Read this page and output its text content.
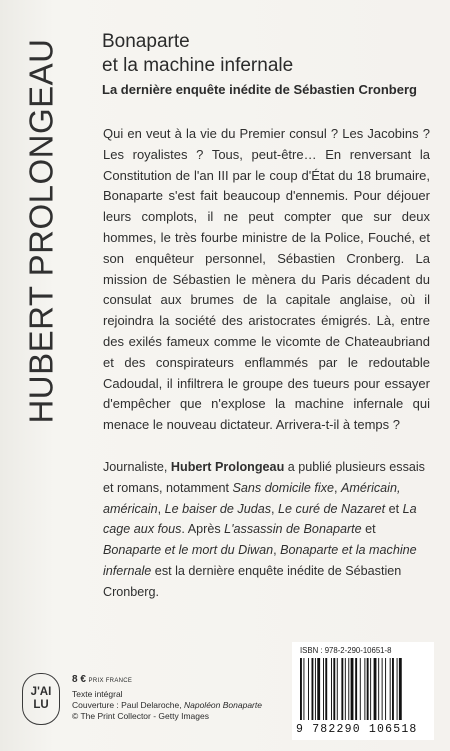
HUBERT PROLONGEAU Bonaparte
et la machine infernale
La dernière enquête inédite de Sébastien Cronberg
Qui en veut à la vie du Premier consul ? Les Jacobins ? Les royalistes ? Tous, peut-être… En renversant la Constitution de l'an III par le coup d'État du 18 brumaire, Bonaparte s'est fait beaucoup d'ennemis. Pour déjouer leurs complots, il ne peut compter que sur deux hommes, le très fourbe ministre de la Police, Fouché, et son enquêteur personnel, Sébastien Cronberg. La mission de Sébastien le mènera du Paris décadent du consulat aux brumes de la capitale anglaise, où il rejoindra la société des aristocrates émigrés. Là, entre des exilés fameux comme le vicomte de Chateaubriand et des conspirateurs enflammés par le redoutable Cadoudal, il infiltrera le groupe des tueurs pour essayer d'empêcher que n'explose la machine infernale qui menace le nouveau dictateur. Arrivera-t-il à temps ?
Journaliste, Hubert Prolongeau a publié plusieurs essais et romans, notamment Sans domicile fixe, Américain, américain, Le baiser de Judas, Le curé de Nazaret et La cage aux fous. Après L'assassin de Bonaparte et Bonaparte et le mort du Diwan, Bonaparte et la machine infernale est la dernière enquête inédite de Sébastien Cronberg.
J'AI
LU
8 € PRIX FRANCE
Texte intégral
Couverture : Paul Delaroche, Napoléon Bonaparte
© The Print Collector - Getty Images
ISBN : 978-2-290-10651-8
9 782290 106518
